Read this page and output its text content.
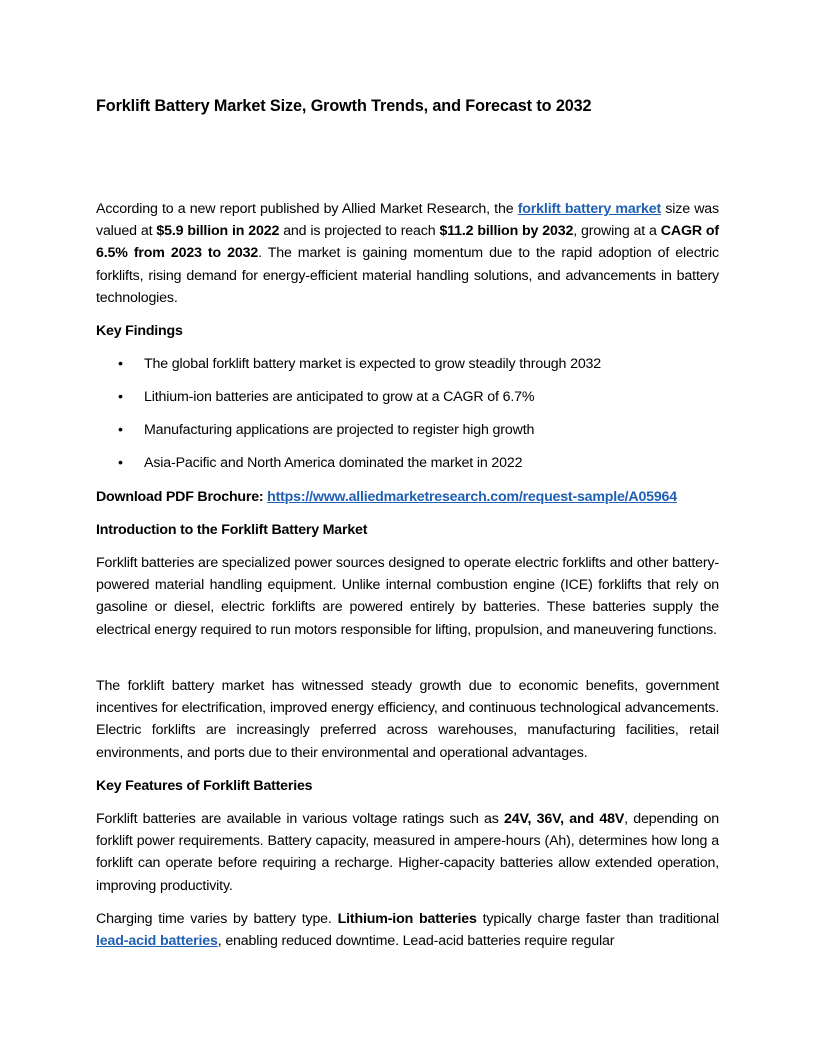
Forklift Battery Market Size, Growth Trends, and Forecast to 2032

According to a new report published by Allied Market Research, the forklift battery market size was valued at $5.9 billion in 2022 and is projected to reach $11.2 billion by 2032, growing at a CAGR of 6.5% from 2023 to 2032. The market is gaining momentum due to the rapid adoption of electric forklifts, rising demand for energy-efficient material handling solutions, and advancements in battery technologies.

Key Findings
• The global forklift battery market is expected to grow steadily through 2032
• Lithium-ion batteries are anticipated to grow at a CAGR of 6.7%
• Manufacturing applications are projected to register high growth
• Asia-Pacific and North America dominated the market in 2022
Download PDF Brochure: https://www.alliedmarketresearch.com/request-sample/A05964
Introduction to the Forklift Battery Market

Forklift batteries are specialized power sources designed to operate electric forklifts and other battery-powered material handling equipment. Unlike internal combustion engine (ICE) forklifts that rely on gasoline or diesel, electric forklifts are powered entirely by batteries. These batteries supply the electrical energy required to run motors responsible for lifting, propulsion, and maneuvering functions.

The forklift battery market has witnessed steady growth due to economic benefits, government incentives for electrification, improved energy efficiency, and continuous technological advancements. Electric forklifts are increasingly preferred across warehouses, manufacturing facilities, retail environments, and ports due to their environmental and operational advantages.

Key Features of Forklift Batteries

Forklift batteries are available in various voltage ratings such as 24V, 36V, and 48V, depending on forklift power requirements. Battery capacity, measured in ampere-hours (Ah), determines how long a forklift can operate before requiring a recharge. Higher-capacity batteries allow extended operation, improving productivity.

Charging time varies by battery type. Lithium-ion batteries typically charge faster than traditional lead-acid batteries, enabling reduced downtime. Lead-acid batteries require regular
